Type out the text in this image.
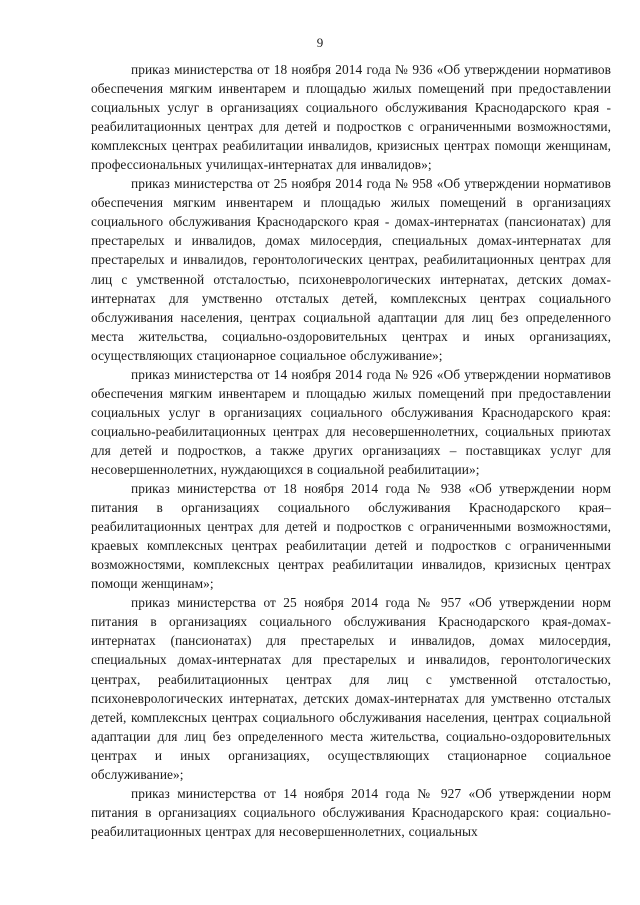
9

приказ министерства от 18 ноября 2014 года № 936 «Об утверждении нормативов обеспечения мягким инвентарем и площадью жилых помещений при предоставлении социальных услуг в организациях социального обслуживания Краснодарского края - реабилитационных центрах для детей и подростков с ограниченными возможностями, комплексных центрах реабилитации инвалидов, кризисных центрах помощи женщинам, профессиональных училищах-интернатах для инвалидов»;

приказ министерства от 25 ноября 2014 года № 958 «Об утверждении нормативов обеспечения мягким инвентарем и площадью жилых помещений в организациях социального обслуживания Краснодарского края - домах-интернатах (пансионатах) для престарелых и инвалидов, домах милосердия, специальных домах-интернатах для престарелых и инвалидов, геронтологических центрах, реабилитационных центрах для лиц с умственной отсталостью, психоневрологических интернатах, детских домах-интернатах для умственно отсталых детей, комплексных центрах социального обслуживания населения, центрах социальной адаптации для лиц без определенного места жительства, социально-оздоровительных центрах и иных организациях, осуществляющих стационарное социальное обслуживание»;

приказ министерства от 14 ноября 2014 года № 926 «Об утверждении нормативов обеспечения мягким инвентарем и площадью жилых помещений при предоставлении социальных услуг в организациях социального обслуживания Краснодарского края: социально-реабилитационных центрах для несовершеннолетних, социальных приютах для детей и подростков, а также других организациях – поставщиках услуг для несовершеннолетних, нуждающихся в социальной реабилитации»;

приказ министерства от 18 ноября 2014 года № 938 «Об утверждении норм питания в организациях социального обслуживания Краснодарского края–реабилитационных центрах для детей и подростков с ограниченными возможностями, краевых комплексных центрах реабилитации детей и подростков с ограниченными возможностями, комплексных центрах реабилитации инвалидов, кризисных центрах помощи женщинам»;

приказ министерства от 25 ноября 2014 года № 957 «Об утверждении норм питания в организациях социального обслуживания Краснодарского края-домах-интернатах (пансионатах) для престарелых и инвалидов, домах милосердия, специальных домах-интернатах для престарелых и инвалидов, геронтологических центрах, реабилитационных центрах для лиц с умственной отсталостью, психоневрологических интернатах, детских домах-интернатах для умственно отсталых детей, комплексных центрах социального обслуживания населения, центрах социальной адаптации для лиц без определенного места жительства, социально-оздоровительных центрах и иных организациях, осуществляющих стационарное социальное обслуживание»;

приказ министерства от 14 ноября 2014 года № 927 «Об утверждении норм питания в организациях социального обслуживания Краснодарского края: социально-реабилитационных центрах для несовершеннолетних, социальных
